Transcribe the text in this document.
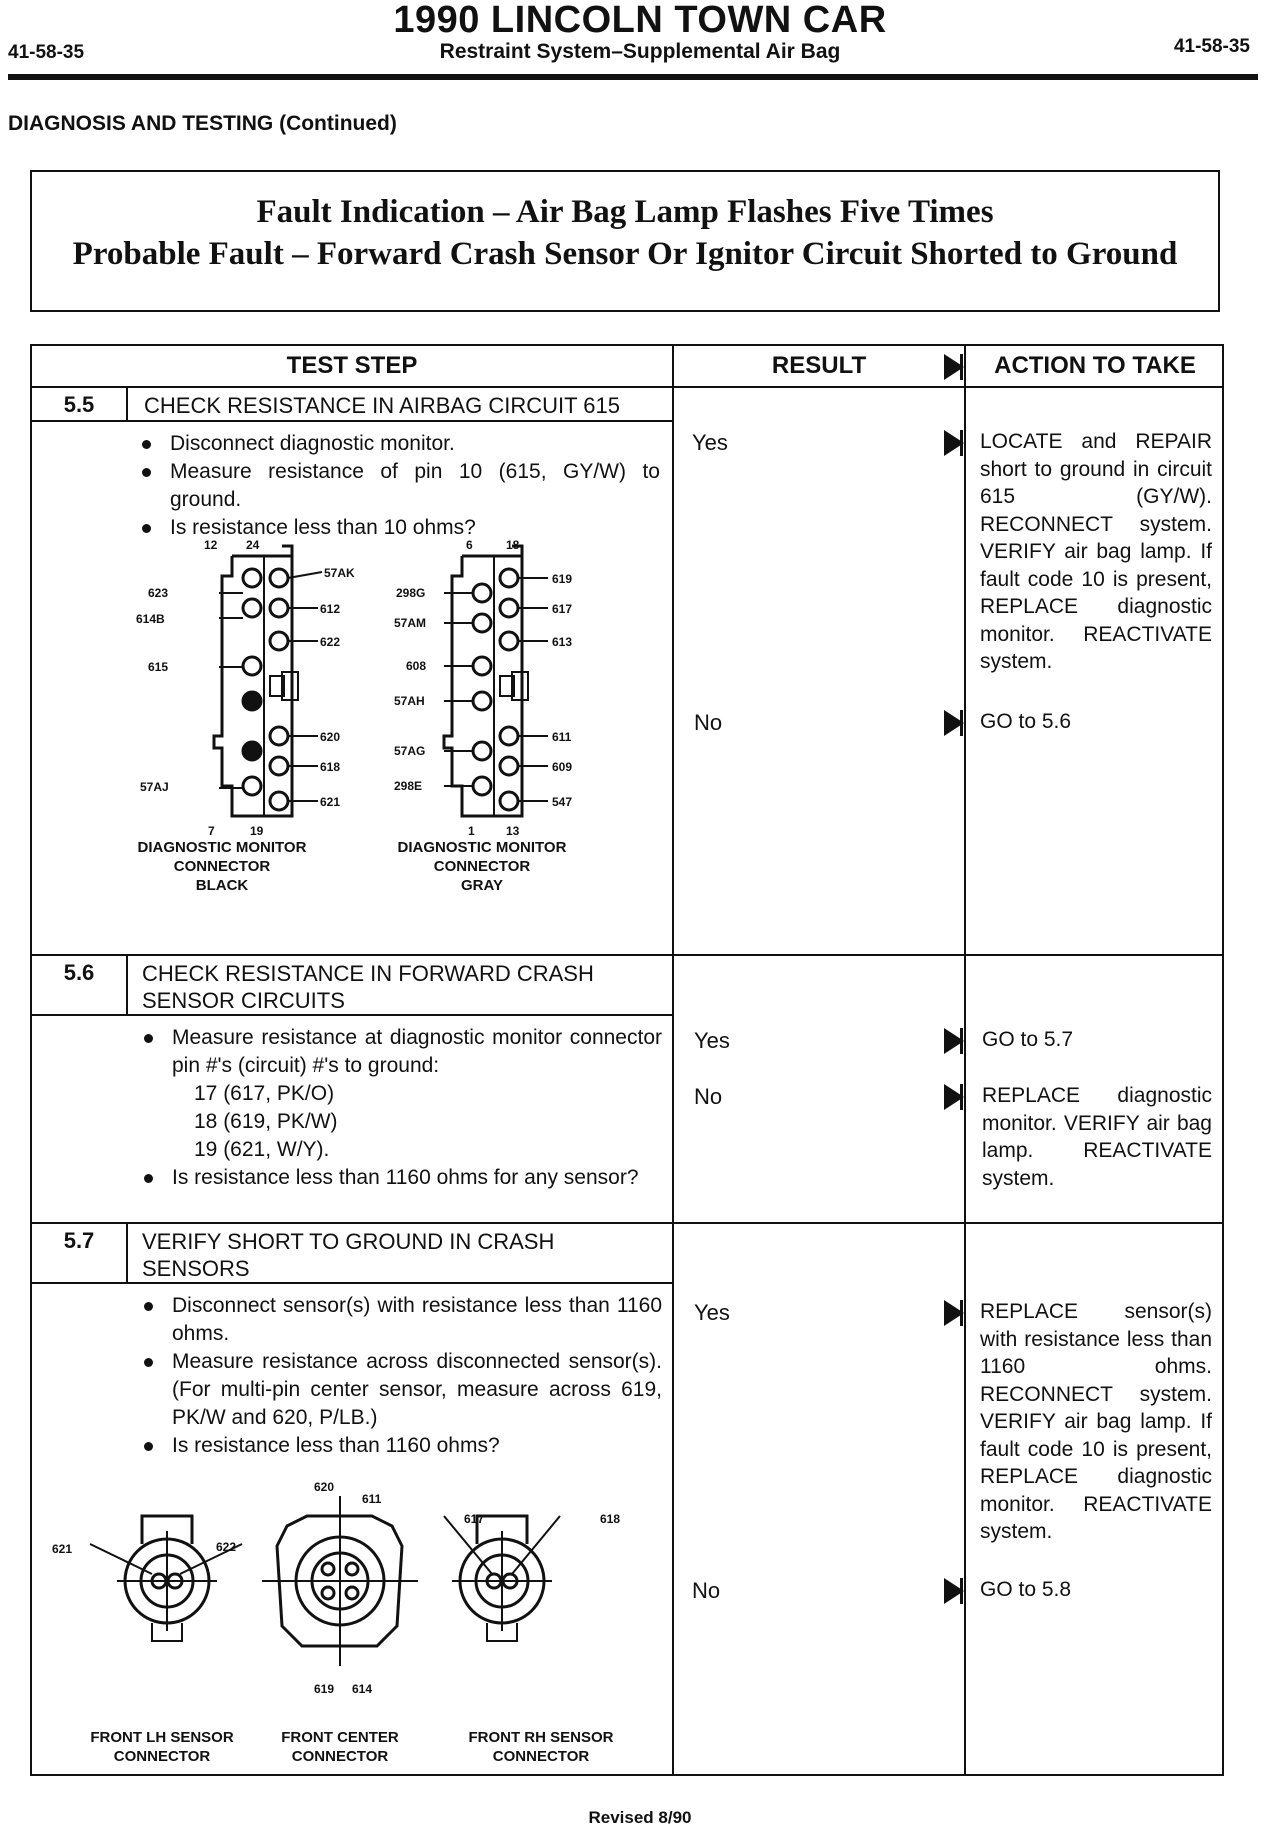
41-58-35
1990 LINCOLN TOWN CAR
Restraint System–Supplemental Air Bag	41-58-35
DIAGNOSIS AND TESTING (Continued)
Fault Indication – Air Bag Lamp Flashes Five Times
Probable Fault – Forward Crash Sensor Or Ignitor Circuit Shorted to Ground
TEST STEP	RESULT	ACTION TO TAKE
5.5	CHECK RESISTANCE IN AIRBAG CIRCUIT 615
Disconnect diagnostic monitor.
Measure resistance of pin 10 (615, GY/W) to ground.
Is resistance less than 10 ohms?
12 24
623
614B
615
57AJ
57AK
612
622
620
618
621
7	19
6	18
298G
57AM
608
57AH
57AG
298E
619
617
613
611
609
547
1	13
DIAGNOSTIC MONITOR
CONNECTOR
BLACK
DIAGNOSTIC MONITOR
CONNECTOR
GRAY
Yes	LOCATE and REPAIR short to ground in circuit 615 (GY/W). RECONNECT system. VERIFY air bag lamp. If fault code 10 is present, REPLACE diagnostic monitor. REACTIVATE system.
No	GO to 5.6
5.6	CHECK RESISTANCE IN FORWARD CRASH
SENSOR CIRCUITS
Measure resistance at diagnostic monitor connector pin #'s (circuit) #'s to ground:
17 (617, PK/O)
18 (619, PK/W)
19 (621, W/Y).
Is resistance less than 1160 ohms for any sensor?
Yes	GO to 5.7
No	REPLACE diagnostic monitor. VERIFY air bag lamp. REACTIVATE system.
5.7	VERIFY SHORT TO GROUND IN CRASH
SENSORS
Disconnect sensor(s) with resistance less than 1160 ohms.
Measure resistance across disconnected sensor(s). (For multi-pin center sensor, measure across 619, PK/W and 620, P/LB.)
Is resistance less than 1160 ohms?
621	622
620
611
619 614
617	618
FRONT LH SENSOR
CONNECTOR
FRONT CENTER
CONNECTOR
FRONT RH SENSOR
CONNECTOR
Yes	REPLACE sensor(s) with resistance less than 1160 ohms. RECONNECT system. VERIFY air bag lamp. If fault code 10 is present, REPLACE diagnostic monitor. REACTIVATE system.
No	GO to 5.8
Revised 8/90
